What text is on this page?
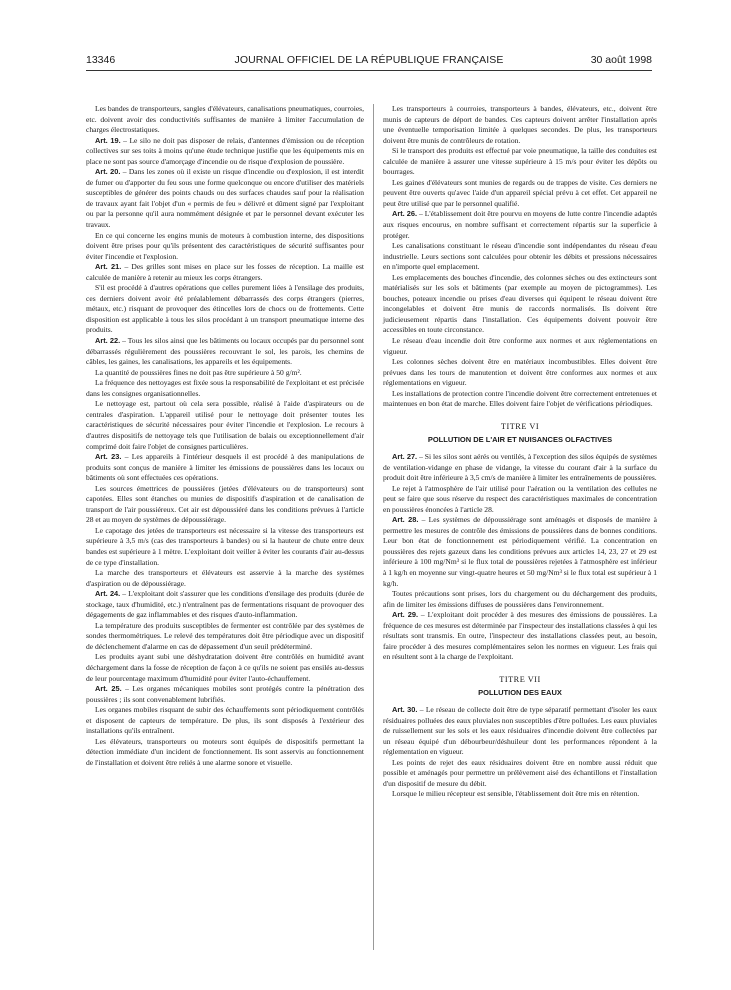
13346	JOURNAL OFFICIEL DE LA RÉPUBLIQUE FRANÇAISE	30 août 1998

Les bandes de transporteurs, sangles d'élévateurs, canalisations pneumatiques, courroies, etc. doivent avoir des conductivités suffisantes de manière à limiter l'accumulation de charges électrostatiques.

Art. 19. – Le silo ne doit pas disposer de relais, d'antennes d'émission ou de réception collectives sur ses toits à moins qu'une étude technique justifie que les équipements mis en place ne sont pas source d'amorçage d'incendie ou de risque d'explosion de poussière.

Art. 20. – Dans les zones où il existe un risque d'incendie ou d'explosion, il est interdit de fumer ou d'apporter du feu sous une forme quelconque ou encore d'utiliser des matériels susceptibles de générer des points chauds ou des surfaces chaudes sauf pour la réalisation de travaux ayant fait l'objet d'un « permis de feu » délivré et dûment signé par l'exploitant ou par la personne qu'il aura nommément désignée et par le personnel devant exécuter les travaux.

En ce qui concerne les engins munis de moteurs à combustion interne, des dispositions doivent être prises pour qu'ils présentent des caractéristiques de sécurité suffisantes pour éviter l'incendie et l'explosion.

Art. 21. – Des grilles sont mises en place sur les fosses de réception. La maille est calculée de manière à retenir au mieux les corps étrangers.

S'il est procédé à d'autres opérations que celles purement liées à l'ensilage des produits, ces derniers doivent avoir été préalablement débarrassés des corps étrangers (pierres, métaux, etc.) risquant de provoquer des étincelles lors de chocs ou de frottements. Cette disposition est applicable à tous les silos procédant à un transport pneumatique interne des produits.

Art. 22. – Tous les silos ainsi que les bâtiments ou locaux occupés par du personnel sont débarrassés régulièrement des poussières recouvrant le sol, les parois, les chemins de câbles, les gaines, les canalisations, les appareils et les équipements.

La quantité de poussières fines ne doit pas être supérieure à 50 g/m².

La fréquence des nettoyages est fixée sous la responsabilité de l'exploitant et est précisée dans les consignes organisationnelles.

Le nettoyage est, partout où cela sera possible, réalisé à l'aide d'aspirateurs ou de centrales d'aspiration. L'appareil utilisé pour le nettoyage doit présenter toutes les caractéristiques de sécurité nécessaires pour éviter l'incendie et l'explosion. Le recours à d'autres dispositifs de nettoyage tels que l'utilisation de balais ou exceptionnellement d'air comprimé doit faire l'objet de consignes particulières.

Art. 23. – Les appareils à l'intérieur desquels il est procédé à des manipulations de produits sont conçus de manière à limiter les émissions de poussières dans les locaux ou bâtiments où sont effectuées ces opérations.

Les sources émettrices de poussières (jetées d'élévateurs ou de transporteurs) sont capotées. Elles sont étanches ou munies de dispositifs d'aspiration et de canalisation de transport de l'air poussiéreux. Cet air est dépoussiéré dans les conditions prévues à l'article 28 et au moyen de systèmes de dépoussiérage.

Le capotage des jetées de transporteurs est nécessaire si la vitesse des transporteurs est supérieure à 3,5 m/s (cas des transporteurs à bandes) ou si la hauteur de chute entre deux bandes est supérieure à 1 mètre. L'exploitant doit veiller à éviter les courants d'air au-dessus de ce type d'installation.

La marche des transporteurs et élévateurs est asservie à la marche des systèmes d'aspiration ou de dépoussiérage.

Art. 24. – L'exploitant doit s'assurer que les conditions d'ensilage des produits (durée de stockage, taux d'humidité, etc.) n'entraînent pas de fermentations risquant de provoquer des dégagements de gaz inflammables et des risques d'auto-inflammation.

La température des produits susceptibles de fermenter est contrôlée par des systèmes de sondes thermométriques. Le relevé des températures doit être périodique avec un dispositif de déclenchement d'alarme en cas de dépassement d'un seuil prédéterminé.

Les produits ayant subi une déshydratation doivent être contrôlés en humidité avant déchargement dans la fosse de réception de façon à ce qu'ils ne soient pas ensilés au-dessus de leur pourcentage maximum d'humidité pour éviter l'auto-échauffement.

Art. 25. – Les organes mécaniques mobiles sont protégés contre la pénétration des poussières ; ils sont convenablement lubrifiés.

Les organes mobiles risquant de subir des échauffements sont périodiquement contrôlés et disposent de capteurs de température. De plus, ils sont disposés à l'extérieur des installations qu'ils entraînent.

Les élévateurs, transporteurs ou moteurs sont équipés de dispositifs permettant la détection immédiate d'un incident de fonctionnement. Ils sont asservis au fonctionnement de l'installation et doivent être reliés à une alarme sonore et visuelle.

Les transporteurs à courroies, transporteurs à bandes, élévateurs, etc., doivent être munis de capteurs de déport de bandes. Ces capteurs doivent arrêter l'installation après une éventuelle temporisation limitée à quelques secondes. De plus, les transporteurs doivent être munis de contrôleurs de rotation.

Si le transport des produits est effectué par voie pneumatique, la taille des conduites est calculée de manière à assurer une vitesse supérieure à 15 m/s pour éviter les dépôts ou bourrages.

Les gaines d'élévateurs sont munies de regards ou de trappes de visite. Ces derniers ne peuvent être ouverts qu'avec l'aide d'un appareil spécial prévu à cet effet. Cet appareil ne peut être utilisé que par le personnel qualifié.

Art. 26. – L'établissement doit être pourvu en moyens de lutte contre l'incendie adaptés aux risques encourus, en nombre suffisant et correctement répartis sur la superficie à protéger.

Les canalisations constituant le réseau d'incendie sont indépendantes du réseau d'eau industrielle. Leurs sections sont calculées pour obtenir les débits et pressions nécessaires en n'importe quel emplacement.

Les emplacements des bouches d'incendie, des colonnes sèches ou des extincteurs sont matérialisés sur les sols et bâtiments (par exemple au moyen de pictogrammes). Les bouches, poteaux incendie ou prises d'eau diverses qui équipent le réseau doivent être incongelables et doivent être munis de raccords normalisés. Ils doivent être judicieusement répartis dans l'installation. Ces équipements doivent pouvoir être accessibles en toute circonstance.

Le réseau d'eau incendie doit être conforme aux normes et aux réglementations en vigueur.

Les colonnes sèches doivent être en matériaux incombustibles. Elles doivent être prévues dans les tours de manutention et doivent être conformes aux normes et aux réglementations en vigueur.

Les installations de protection contre l'incendie doivent être correctement entretenues et maintenues en bon état de marche. Elles doivent faire l'objet de vérifications périodiques.

TITRE VI
POLLUTION DE L'AIR ET NUISANCES OLFACTIVES

Art. 27. – Si les silos sont aérés ou ventilés, à l'exception des silos équipés de systèmes de ventilation-vidange en phase de vidange, la vitesse du courant d'air à la surface du produit doit être inférieure à 3,5 cm/s de manière à limiter les entraînements de poussières.

Le rejet à l'atmosphère de l'air utilisé pour l'aération ou la ventilation des cellules ne peut se faire que sous réserve du respect des caractéristiques maximales de concentration en poussières énoncées à l'article 28.

Art. 28. – Les systèmes de dépoussiérage sont aménagés et disposés de manière à permettre les mesures de contrôle des émissions de poussières dans de bonnes conditions. Leur bon état de fonctionnement est périodiquement vérifié. La concentration en poussières des rejets gazeux dans les conditions prévues aux articles 14, 23, 27 et 29 est inférieure à 100 mg/Nm³ si le flux total de poussières rejetées à l'atmosphère est inférieur à 1 kg/h en moyenne sur vingt-quatre heures et 50 mg/Nm³ si le flux total est supérieur à 1 kg/h.

Toutes précautions sont prises, lors du chargement ou du déchargement des produits, afin de limiter les émissions diffuses de poussières dans l'environnement.

Art. 29. – L'exploitant doit procéder à des mesures des émissions de poussières. La fréquence de ces mesures est déterminée par l'inspecteur des installations classées à qui les résultats sont transmis. En outre, l'inspecteur des installations classées peut, au besoin, faire procéder à des mesures complémentaires selon les normes en vigueur. Les frais qui en résultent sont à la charge de l'exploitant.

TITRE VII
POLLUTION DES EAUX

Art. 30. – Le réseau de collecte doit être de type séparatif permettant d'isoler les eaux résiduaires polluées des eaux pluviales non susceptibles d'être polluées. Les eaux pluviales de ruissellement sur les sols et les eaux résiduaires d'incendie doivent être collectées par un réseau équipé d'un débourbeur/déshuileur dont les performances répondent à la réglementation en vigueur.

Les points de rejet des eaux résiduaires doivent être en nombre aussi réduit que possible et aménagés pour permettre un prélèvement aisé des échantillons et l'installation d'un dispositif de mesure du débit.

Lorsque le milieu récepteur est sensible, l'établissement doit être mis en rétention.
